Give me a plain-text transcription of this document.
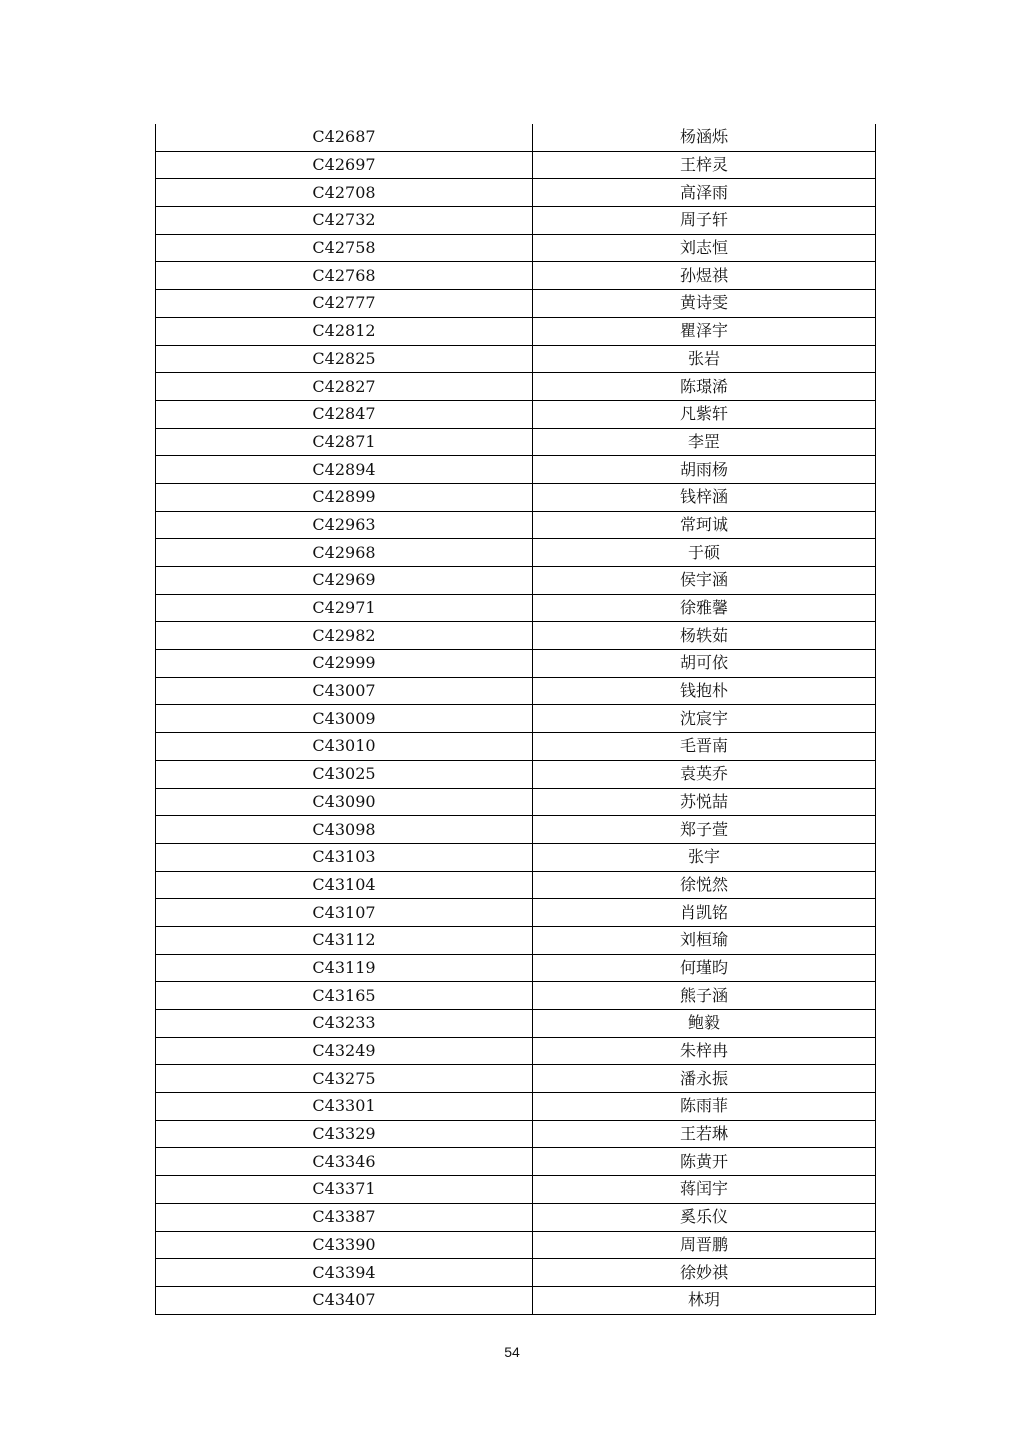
C42687	杨涵烁
C42697	王梓灵
C42708	高泽雨
C42732	周子轩
C42758	刘志恒
C42768	孙煜祺
C42777	黄诗雯
C42812	瞿泽宇
C42825	张岩
C42827	陈璟浠
C42847	凡紫轩
C42871	李罡
C42894	胡雨杨
C42899	钱梓涵
C42963	常珂诚
C42968	于硕
C42969	侯宇涵
C42971	徐雅馨
C42982	杨轶茹
C42999	胡可依
C43007	钱抱朴
C43009	沈宸宇
C43010	毛晋南
C43025	袁英乔
C43090	苏悦喆
C43098	郑子萱
C43103	张宇
C43104	徐悦然
C43107	肖凯铭
C43112	刘桓瑜
C43119	何瑾昀
C43165	熊子涵
C43233	鲍毅
C43249	朱梓冉
C43275	潘永振
C43301	陈雨菲
C43329	王若琳
C43346	陈黄开
C43371	蒋闰宇
C43387	奚乐仪
C43390	周晋鹏
C43394	徐妙祺
C43407	林玥
54
